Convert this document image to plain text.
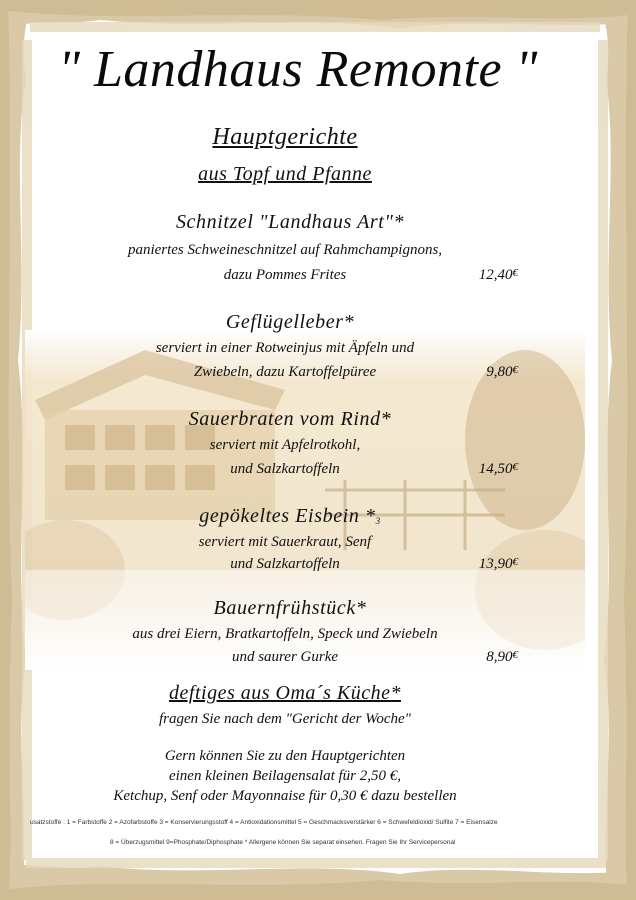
" Landhaus Remonte "
Hauptgerichte
aus Topf und Pfanne
Schnitzel "Landhaus Art"*
paniertes Schweineschnitzel auf Rahmchampignons,
dazu Pommes Frites	12,40€
Geflügelleber*
serviert in einer Rotweinjus mit Äpfeln und
Zwiebeln, dazu Kartoffelpüree	9,80€
Sauerbraten vom Rind*
serviert mit Apfelrotkohl,
und Salzkartoffeln	14,50€
gepökeltes Eisbein $*_3$
serviert mit Sauerkraut, Senf
und Salzkartoffeln	13,90€
Bauernfrühstück*
aus drei Eiern, Bratkartoffeln, Speck und Zwiebeln
und saurer Gurke	8,90€
deftiges aus Oma´s Küche*
fragen Sie nach dem "Gericht der Woche"
Gern können Sie zu den Hauptgerichten
einen kleinen Beilagensalat für 2,50 €,
Ketchup, Senf oder Mayonnaise für 0,30 € dazu bestellen
usatzstoffe : 1 = Farbstoffe 2 = Azofarbstoffe 3 = Konservierungsstoff 4 = Antioxidationsmittel 5 = Geschmacksverstärker 6 = Schwefeldioxid/ Sulfite 7 = Eisensalze
8 = Überzugsmittel 9=Phosphate/Diphosphate * Allergene können Sie separat einsehen. Fragen Sie Ihr Servicepersonal
